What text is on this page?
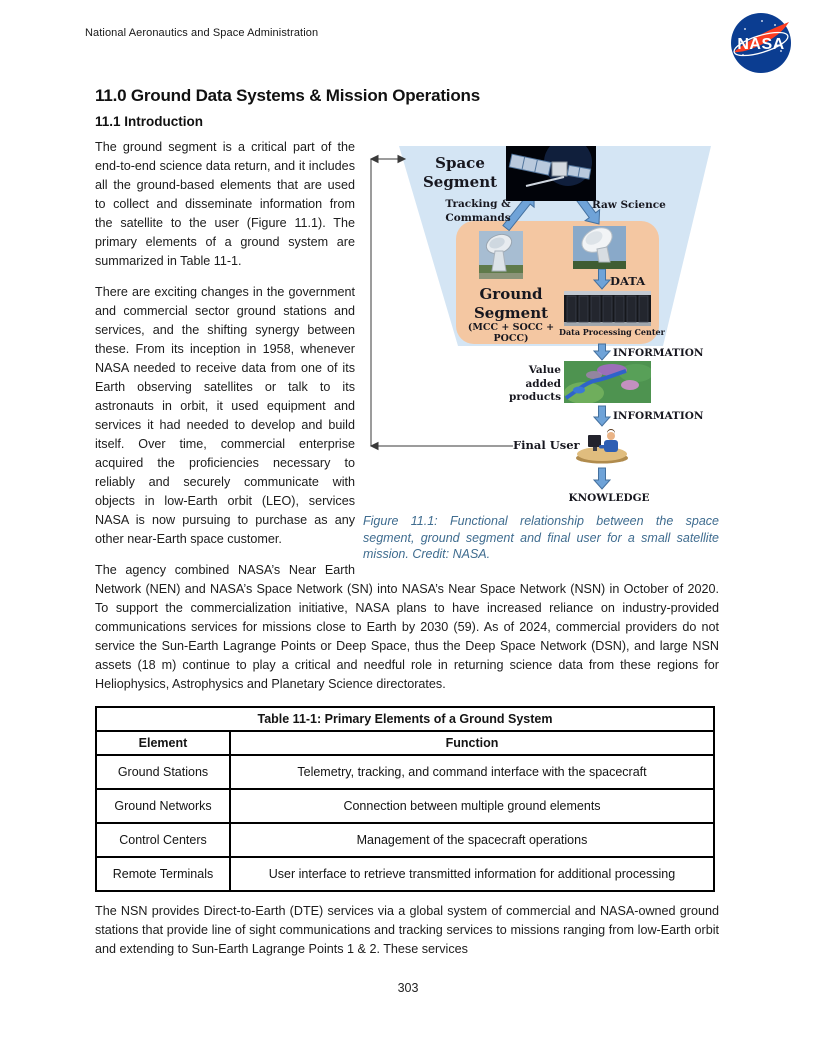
National Aeronautics and Space Administration
NASA
11.0 Ground Data Systems & Mission Operations
11.1 Introduction
Space Segment
Tracking & Commands
Raw Science
Ground Segment
(MCC + SOCC + POCC)
DATA
Data Processing Center
INFORMATION
Value added products
INFORMATION
Final User
KNOWLEDGE
Figure 11.1: Functional relationship between the space segment, ground segment and final user for a small satellite mission. Credit: NASA.

The ground segment is a critical part of the end-to-end science data return, and it includes all the ground-based elements that are used to collect and disseminate information from the satellite to the user (Figure 11.1). The primary elements of a ground system are summarized in Table 11-1.

There are exciting changes in the government and commercial sector ground stations and services, and the shifting synergy between these. From its inception in 1958, whenever NASA needed to receive data from one of its Earth observing satellites or talk to its astronauts in orbit, it used equipment and services it had needed to develop and build itself. Over time, commercial enterprise acquired the proficiencies necessary to reliably and securely communicate with objects in low-Earth orbit (LEO), services NASA is now pursuing to purchase as any other near-Earth space customer.

The agency combined NASA’s Near Earth Network (NEN) and NASA’s Space Network (SN) into NASA’s Near Space Network (NSN) in October of 2020. To support the commercialization initiative, NASA plans to have increased reliance on industry-provided communications services for missions close to Earth by 2030 (59). As of 2024, commercial providers do not service the Sun-Earth Lagrange Points or Deep Space, thus the Deep Space Network (DSN), and large NSN assets (18 m) continue to play a critical and needful role in returning science data from these regions for Heliophysics, Astrophysics and Planetary Science directorates.

Table 11-1: Primary Elements of a Ground System	
Element	Function
Ground Stations	Telemetry, tracking, and command interface with the spacecraft
Ground Networks	Connection between multiple ground elements
Control Centers	Management of the spacecraft operations
Remote Terminals	User interface to retrieve transmitted information for additional processing

The NSN provides Direct-to-Earth (DTE) services via a global system of commercial and NASA-owned ground stations that provide line of sight communications and tracking services to missions ranging from low-Earth orbit and extending to Sun-Earth Lagrange Points 1 & 2. These services

303
